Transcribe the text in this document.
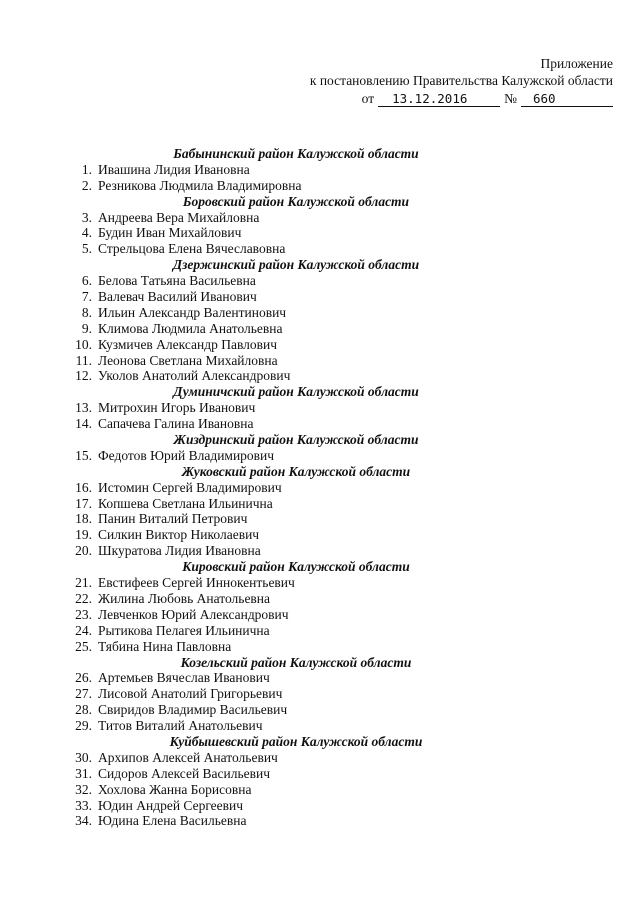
Приложение
к постановлению Правительства Калужской области
от	13.12.2016	№	660
Бабынинский район Калужской области
1. Ивашина Лидия Ивановна
2. Резникова Людмила Владимировна
Боровский район Калужской области
3. Андреева Вера Михайловна
4. Будин Иван Михайлович
5. Стрельцова Елена Вячеславовна
Дзержинский район Калужской области
6. Белова Татьяна Васильевна
7. Валевач Василий Иванович
8. Ильин Александр Валентинович
9. Климова Людмила Анатольевна
10. Кузмичев Александр Павлович
11. Леонова Светлана Михайловна
12. Уколов Анатолий Александрович
Думиничский район Калужской области
13. Митрохин Игорь Иванович
14. Сапачева Галина Ивановна
Жиздринский район Калужской области
15. Федотов Юрий Владимирович
Жуковский район Калужской области
16. Истомин Сергей Владимирович
17. Копшева Светлана Ильинична
18. Панин Виталий Петрович
19. Силкин Виктор Николаевич
20. Шкуратова Лидия Ивановна
Кировский район Калужской области
21. Евстифеев Сергей Иннокентьевич
22. Жилина Любовь Анатольевна
23. Левченков Юрий Александрович
24. Рытикова Пелагея Ильинична
25. Тябина Нина Павловна
Козельский район Калужской области
26. Артемьев Вячеслав Иванович
27. Лисовой Анатолий Григорьевич
28. Свиридов Владимир Васильевич
29. Титов Виталий Анатольевич
Куйбышевский район Калужской области
30. Архипов Алексей Анатольевич
31. Сидоров Алексей Васильевич
32. Хохлова Жанна Борисовна
33. Юдин Андрей Сергеевич
34. Юдина Елена Васильевна
